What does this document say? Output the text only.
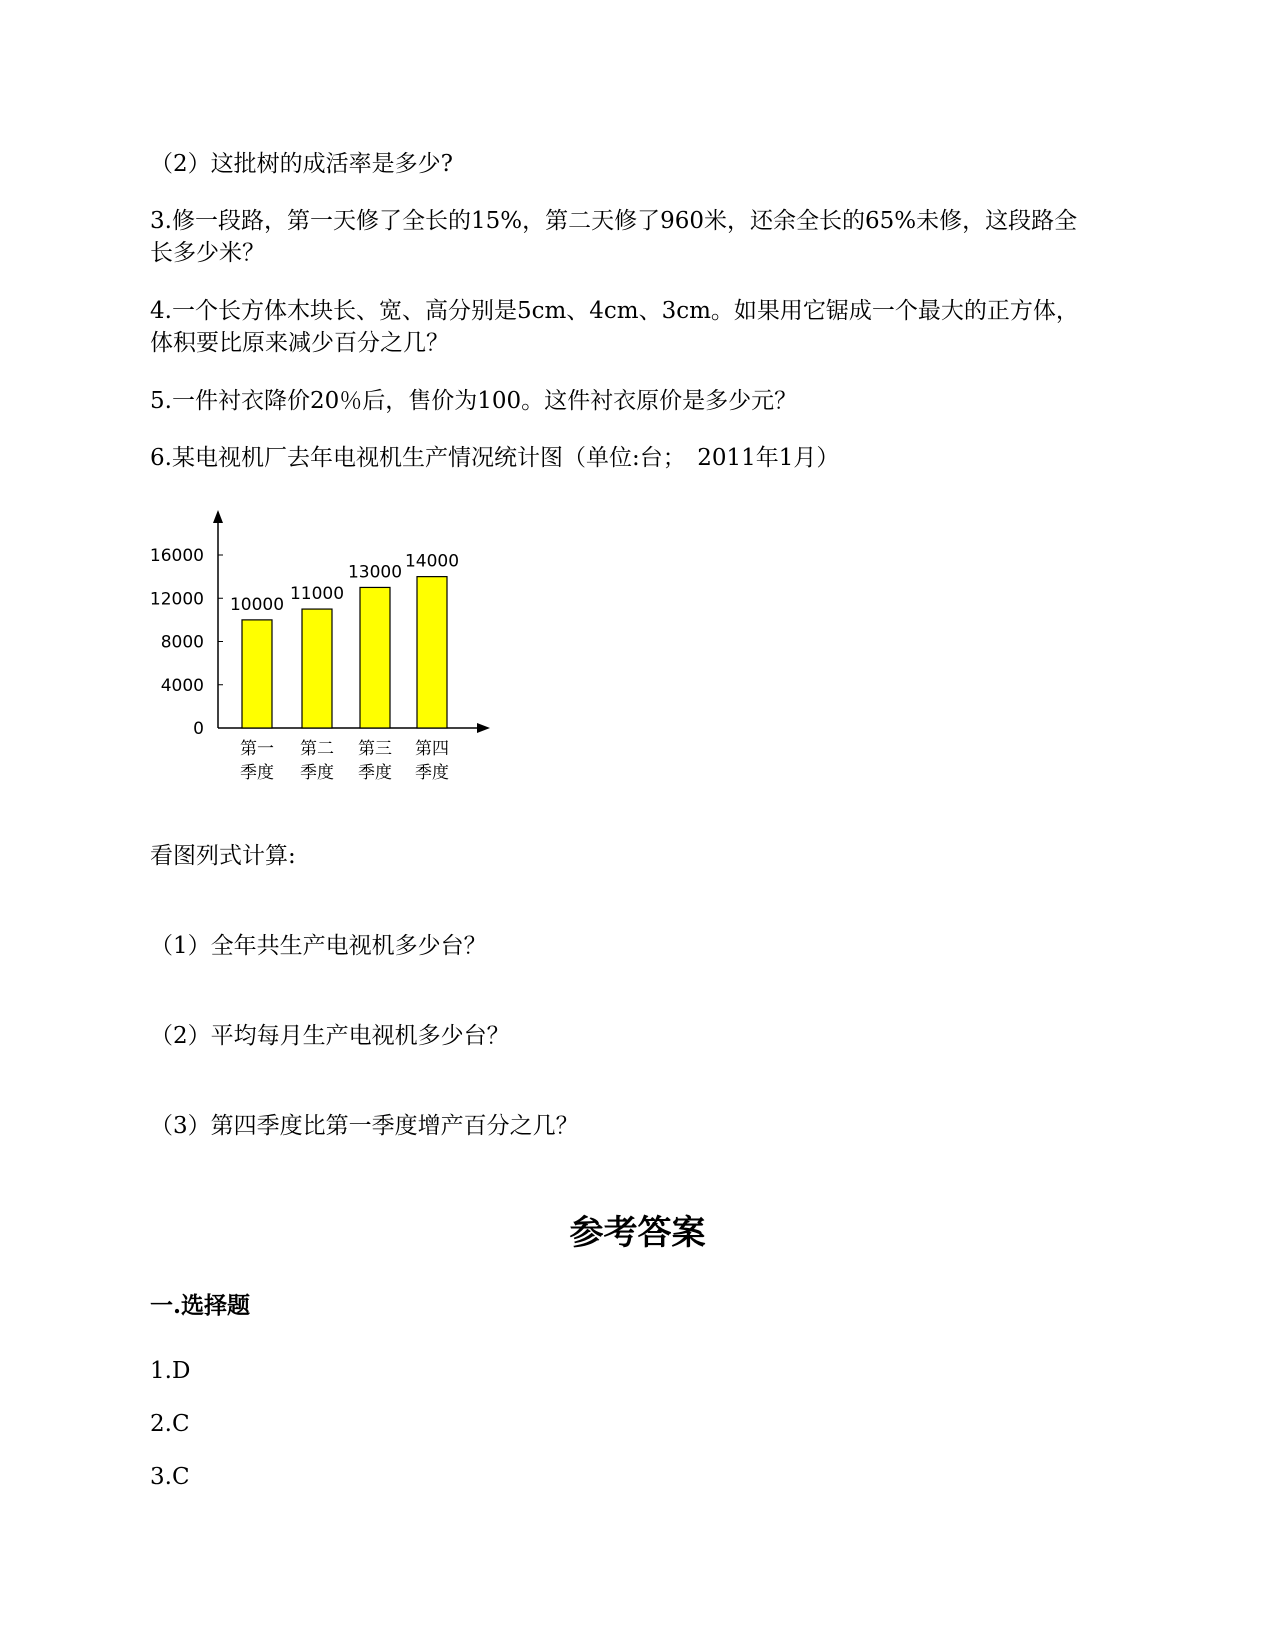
（2）这批树的成活率是多少?
3.修一段路，第一天修了全长的15%，第二天修了960米，还余全长的65%未修，这段路全
长多少米？
4.一个长方体木块长、宽、高分别是5cm、4cm、3cm。如果用它锯成一个最大的正方体，
体积要比原来减少百分之几？
5.一件衬衣降价20％后，售价为100。这件衬衣原价是多少元？
6.某电视机厂去年电视机生产情况统计图（单位:台；　2011年1月）
0
4000
8000
12000
16000
10000
第一
季度
11000
第二
季度
13000
第三
季度
14000
第四
季度
看图列式计算:
（1）全年共生产电视机多少台？
（2）平均每月生产电视机多少台？
（3）第四季度比第一季度增产百分之几？
参考答案
一.选择题
1.D
2.C
3.C
